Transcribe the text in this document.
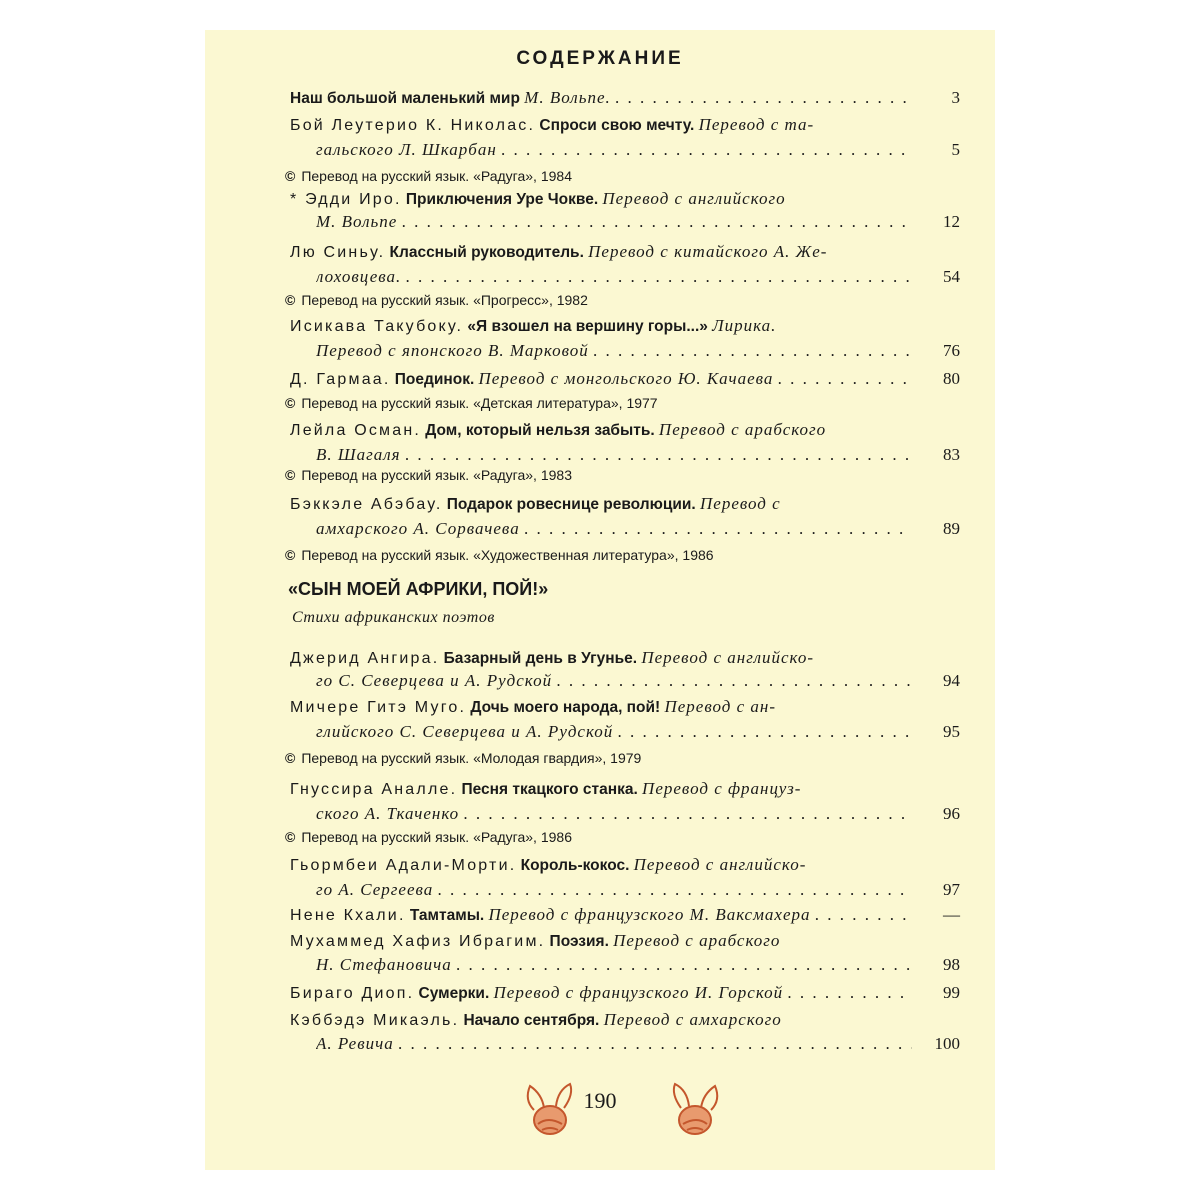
СОДЕРЖАНИЕ
Наш большой маленький мир М. Вольпе. . . .	3
Бой Леутерио К. Николас. Спроси свою мечту. Перевод с та-
гальского Л. Шкарбан . . .	5
© Перевод на русский язык. «Радуга», 1984
* Эдди Иро. Приключения Уре Чокве. Перевод с английского
М. Вольпе . . .	12
Лю Синьу. Классный руководитель. Перевод с китайского А. Же-
лоховцева. . . .	54
© Перевод на русский язык. «Прогресс», 1982
Исикава Такубоку. «Я взошел на вершину горы...» Лирика.
Перевод с японского В. Марковой . . .	76
Д. Гармаа. Поединок. Перевод с монгольского Ю. Качаева . . .	80
© Перевод на русский язык. «Детская литература», 1977
Лейла Осман. Дом, который нельзя забыть. Перевод с арабского
В. Шагаля . . .	83
© Перевод на русский язык. «Радуга», 1983
Бэккэле Абэбау. Подарок ровеснице революции. Перевод с
амхарского А. Сорвачева . . .	89
© Перевод на русский язык. «Художественная литература», 1986
Джерид Ангира. Базарный день в Угунье. Перевод с английско-
го С. Северцева и А. Рудской . . .	94
Мичере Гитэ Муго. Дочь моего народа, пой! Перевод с ан-
глийского С. Северцева и А. Рудской . . .	95
© Перевод на русский язык. «Молодая гвардия», 1979
Гнуссира Аналле. Песня ткацкого станка. Перевод с француз-
ского А. Ткаченко . . .	96
© Перевод на русский язык. «Радуга», 1986
Гьормбеи Адали-Морти. Король-кокос. Перевод с английско-
го А. Сергеева . . .	97
Нене Кхали. Тамтамы. Перевод с французского М. Ваксмахера . . .	—
Мухаммед Хафиз Ибрагим. Поэзия. Перевод с арабского
Н. Стефановича . . .	98
Бираго Диоп. Сумерки. Перевод с французского И. Горской . . .	99
Кэббэдэ Микаэль. Начало сентября. Перевод с амхарского
А. Ревича . . .	100
«СЫН МОЕЙ АФРИКИ, ПОЙ!»
Стихи африканских поэтов
190
